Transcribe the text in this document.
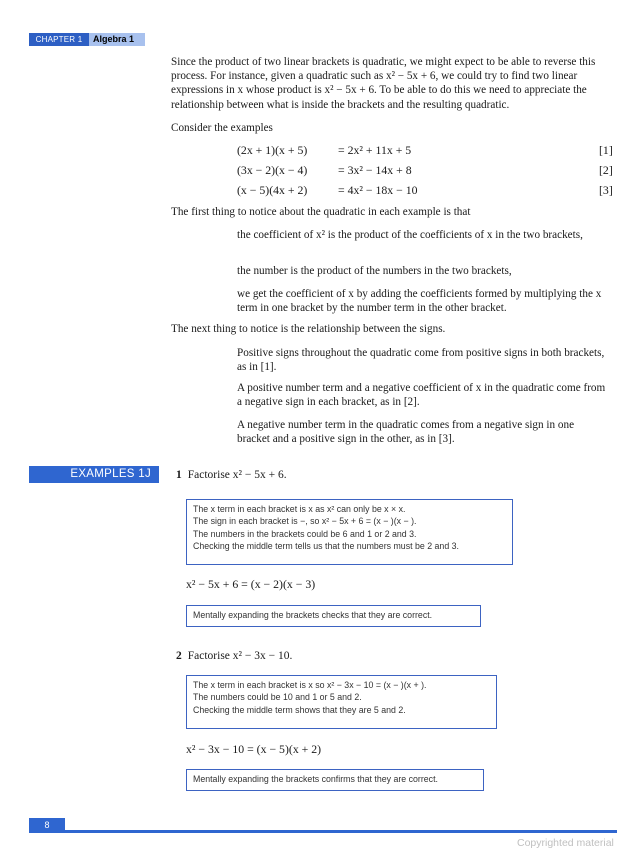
CHAPTER 1	Algebra 1
Since the product of two linear brackets is quadratic, we might expect to be able to reverse this process. For instance, given a quadratic such as x² − 5x + 6, we could try to find two linear expressions in x whose product is x² − 5x + 6. To be able to do this we need to appreciate the relationship between what is inside the brackets and the resulting quadratic.
Consider the examples
(2x + 1)(x + 5)	= 2x² + 11x + 5	[1]
(3x − 2)(x − 4)	= 3x² − 14x + 8	[2]
(x − 5)(4x + 2)	= 4x² − 18x − 10	[3]
The first thing to notice about the quadratic in each example is that
the coefficient of x² is the product of the coefficients of x in the two brackets,
the number is the product of the numbers in the two brackets,
we get the coefficient of x by adding the coefficients formed by multiplying the x term in one bracket by the number term in the other bracket.
The next thing to notice is the relationship between the signs.
Positive signs throughout the quadratic come from positive signs in both brackets, as in [1].
A positive number term and a negative coefficient of x in the quadratic come from a negative sign in each bracket, as in [2].
A negative number term in the quadratic comes from a negative sign in one bracket and a positive sign in the other, as in [3].
EXAMPLES 1J	1 Factorise x² − 5x + 6.
The x term in each bracket is x as x² can only be x × x.
The sign in each bracket is −, so x² − 5x + 6 = (x − )(x − ).
The numbers in the brackets could be 6 and 1 or 2 and 3.
Checking the middle term tells us that the numbers must be 2 and 3.
x² − 5x + 6 = (x − 2)(x − 3)
Mentally expanding the brackets checks that they are correct.
2 Factorise x² − 3x − 10.
The x term in each bracket is x so x² − 3x − 10 = (x − )(x + ).
The numbers could be 10 and 1 or 5 and 2.
Checking the middle term shows that they are 5 and 2.
x² − 3x − 10 = (x − 5)(x + 2)
Mentally expanding the brackets confirms that they are correct.
8
Copyrighted material
